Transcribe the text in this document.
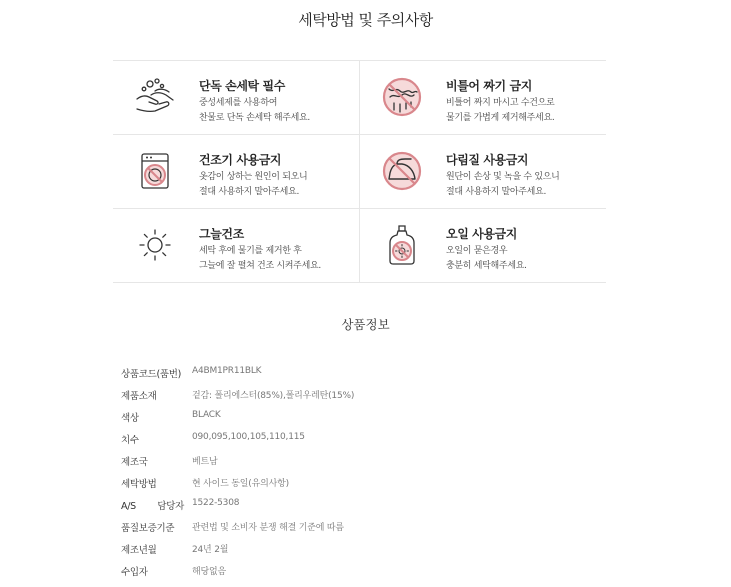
세탁방법 및 주의사항
단독 손세탁 필수
중성세제를 사용하여
찬물로 단독 손세탁 해주세요.
비틀어 짜기 금지
비틀어 짜지 마시고 수건으로
물기를 가볍게 제거해주세요.
건조기 사용금지
옷감이 상하는 원인이 되오니
절대 사용하지 말아주세요.
다림질 사용금지
원단이 손상 및 녹을 수 있으니
절대 사용하지 말아주세요.
그늘건조
세탁 후에 물기를 제거한 후
그늘에 잘 펼쳐 건조 시켜주세요.
오일 사용금지
오일이 묻은경우
충분히 세탁해주세요.
상품정보
상품코드(품번)	A4BM1PR11BLK
제품소재	겉감: 폴리에스터(85%),폴리우레탄(15%)
색상	BLACK
치수	090,095,100,105,110,115
제조국	베트남
세탁방법	현 사이드 동일(유의사항)
A/S 담당자 1522-5308
품질보증기준	관련법 및 소비자 분쟁 해결 기준에 따름
제조년월	24년 2월
수입자	해당없음
